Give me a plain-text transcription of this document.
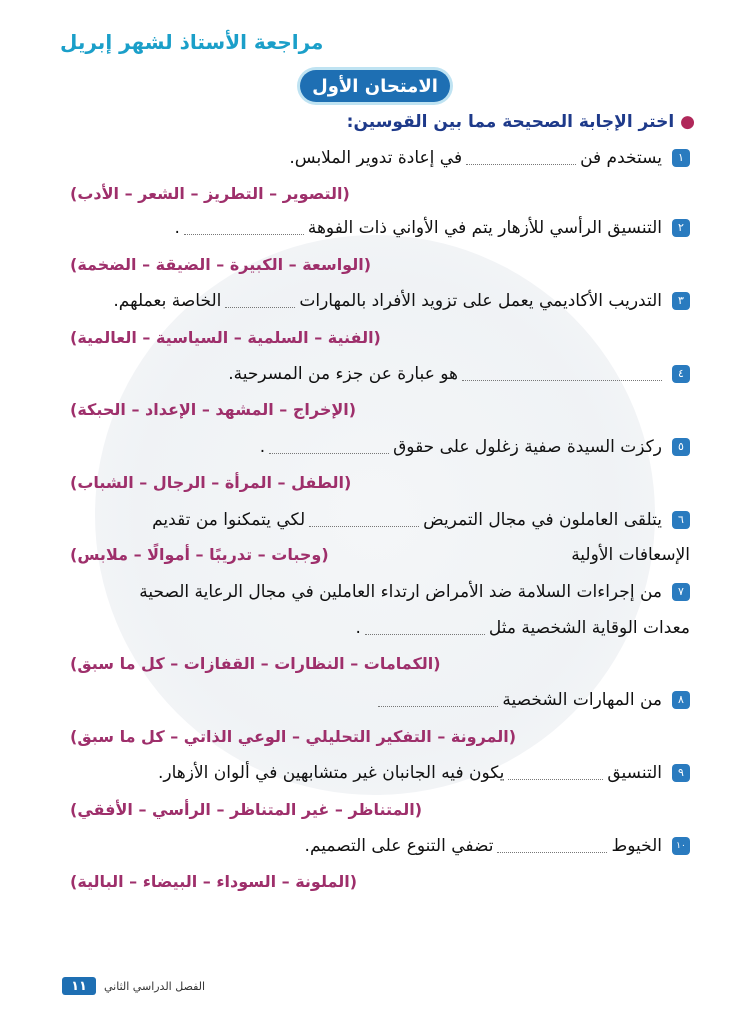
مراجعة الأستاذ لشهر إبريل
الامتحان الأول
●اختر الإجابة الصحيحة مما بين القوسين:
١
يستخدم فن
في إعادة تدوير الملابس.
(التصوير – التطريز – الشعر – الأدب)
٢
التنسيق الرأسي للأزهار يتم في الأواني ذات الفوهة
.
(الواسعة – الكبيرة – الضيقة – الضخمة)
٣
التدريب الأكاديمي يعمل على تزويد الأفراد بالمهارات
الخاصة بعملهم.
(الفنية – السلمية – السياسية – العالمية)
٤
هو عبارة عن جزء من المسرحية.
(الإخراج – المشهد – الإعداد – الحبكة)
٥
ركزت السيدة صفية زغلول على حقوق
.
(الطفل – المرأة – الرجال – الشباب)
٦
يتلقى العاملون في مجال التمريض
لكي يتمكنوا من تقديم
الإسعافات الأولية
(وجبات – تدريبًا – أموالًا – ملابس)
٧
من إجراءات السلامة ضد الأمراض ارتداء العاملين في مجال الرعاية الصحية
معدات الوقاية الشخصية مثل
.
(الكمامات – النظارات – القفازات – كل ما سبق)
٨
من المهارات الشخصية
(المرونة – التفكير التحليلي – الوعي الذاتي – كل ما سبق)
٩
التنسيق
يكون فيه الجانبان غير متشابهين في ألوان الأزهار.
(المتناظر – غير المتناظر – الرأسي – الأفقي)
١٠
الخيوط
تضفي التنوع على التصميم.
(الملونة – السوداء – البيضاء – البالية)
١١	الفصل الدراسي الثاني
